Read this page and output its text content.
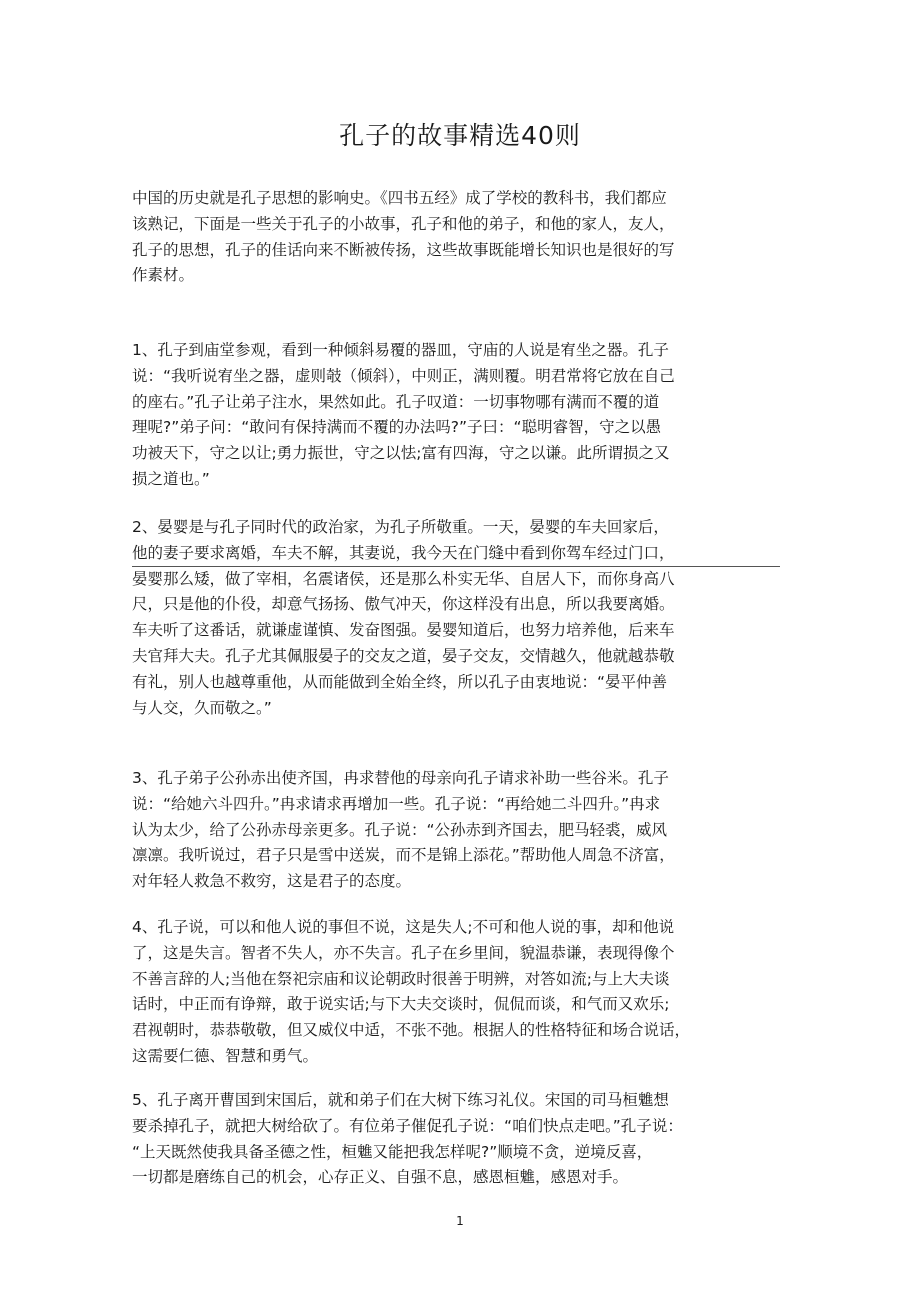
孔子的故事精选40则
中国的历史就是孔子思想的影响史。《四书五经》成了学校的教科书，我们都应
该熟记，下面是一些关于孔子的小故事，孔子和他的弟子，和他的家人，友人，
孔子的思想，孔子的佳话向来不断被传扬，这些故事既能增长知识也是很好的写
作素材。
1、孔子到庙堂参观，看到一种倾斜易覆的器皿，守庙的人说是宥坐之器。孔子
说：“我听说宥坐之器，虚则攲（倾斜），中则正，满则覆。明君常将它放在自己
的座右。”孔子让弟子注水，果然如此。孔子叹道：一切事物哪有满而不覆的道
理呢?”弟子问：“敢问有保持满而不覆的办法吗?”子曰：“聪明睿智，守之以愚
功被天下，守之以让;勇力振世，守之以怯;富有四海，守之以谦。此所谓损之又
损之道也。”
2、晏婴是与孔子同时代的政治家，为孔子所敬重。一天，晏婴的车夫回家后，
他的妻子要求离婚，车夫不解，其妻说，我今天在门缝中看到你驾车经过门口，
晏婴那么矮，做了宰相，名震诸侯，还是那么朴实无华、自居人下，而你身高八
尺，只是他的仆役，却意气扬扬、傲气冲天，你这样没有出息，所以我要离婚。
车夫听了这番话，就谦虚谨慎、发奋图强。晏婴知道后，也努力培养他，后来车
夫官拜大夫。孔子尤其佩服晏子的交友之道，晏子交友，交情越久，他就越恭敬
有礼，别人也越尊重他，从而能做到全始全终，所以孔子由衷地说：“晏平仲善
与人交，久而敬之。”
3、孔子弟子公孙赤出使齐国，冉求替他的母亲向孔子请求补助一些谷米。孔子
说：“给她六斗四升。”冉求请求再增加一些。孔子说：“再给她二斗四升。”冉求
认为太少，给了公孙赤母亲更多。孔子说：“公孙赤到齐国去，肥马轻裘，威风
凛凛。我听说过，君子只是雪中送炭，而不是锦上添花。”帮助他人周急不济富，
对年轻人救急不救穷，这是君子的态度。
4、孔子说，可以和他人说的事但不说，这是失人;不可和他人说的事，却和他说
了，这是失言。智者不失人，亦不失言。孔子在乡里间，貌温恭谦，表现得像个
不善言辞的人;当他在祭祀宗庙和议论朝政时很善于明辨，对答如流;与上大夫谈
话时，中正而有诤辩，敢于说实话;与下大夫交谈时，侃侃而谈，和气而又欢乐;
君视朝时，恭恭敬敬，但又威仪中适，不张不弛。根据人的性格特征和场合说话，
这需要仁德、智慧和勇气。
5、孔子离开曹国到宋国后，就和弟子们在大树下练习礼仪。宋国的司马桓魋想
要杀掉孔子，就把大树给砍了。有位弟子催促孔子说：“咱们快点走吧。”孔子说：
“上天既然使我具备圣德之性，桓魋又能把我怎样呢?”顺境不贪，逆境反喜，
一切都是磨练自己的机会，心存正义、自强不息，感恩桓魋，感恩对手。
1
